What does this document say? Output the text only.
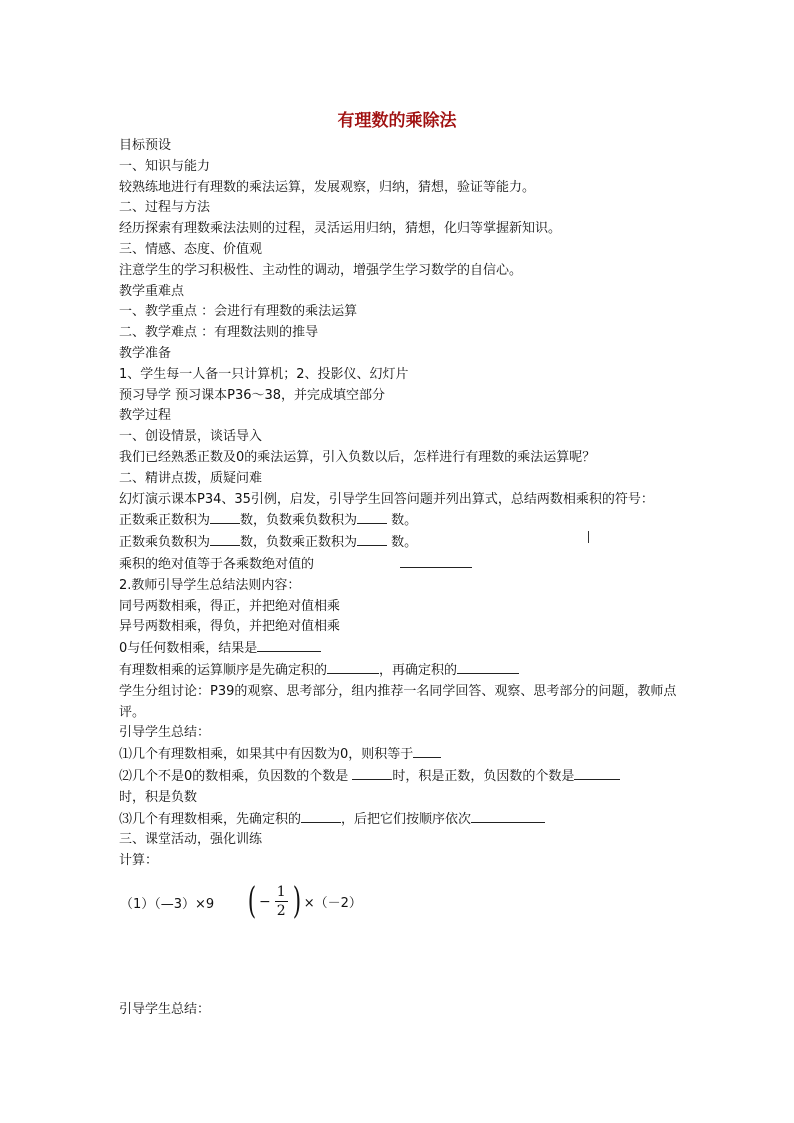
有理数的乘除法
目标预设
一、知识与能力
较熟练地进行有理数的乘法运算，发展观察，归纳，猜想，验证等能力。
二、过程与方法
经历探索有理数乘法法则的过程，灵活运用归纳，猜想，化归等掌握新知识。
三、情感、态度、价值观
注意学生的学习积极性、主动性的调动，增强学生学习数学的自信心。
教学重难点
一、教学重点 ：会进行有理数的乘法运算
二、教学难点 ：有理数法则的推导
教学准备
1、学生每一人备一只计算机；2、投影仪、幻灯片
预习导学 预习课本P36～38，并完成填空部分
教学过程
一、创设情景，谈话导入
我们已经熟悉正数及0的乘法运算，引入负数以后，怎样进行有理数的乘法运算呢？
二、精讲点拨，质疑问难
幻灯演示课本P34、35引例，启发，引导学生回答问题并列出算式，总结两数相乘积的符号：
正数乘正数积为 数，负数乘负数积为 数。
正数乘负数积为 数，负数乘正数积为 数。
乘积的绝对值等于各乘数绝对值的
2.教师引导学生总结法则内容：
同号两数相乘，得正，并把绝对值相乘
异号两数相乘，得负，并把绝对值相乘
0与任何数相乘，结果是
有理数相乘的运算顺序是先确定积的	，再确定积的
学生分组讨论：P39的观察、思考部分，组内推荐一名同学回答、观察、思考部分的问题，教师点评。
引导学生总结：
⑴几个有理数相乘，如果其中有因数为0，则积等于
⑵几个不是0的数相乘，负因数的个数是	时，积是正数，负因数的个数是
时，积是负数
⑶几个有理数相乘，先确定积的	，后把它们按顺序依次
三、课堂活动，强化训练
计算：
（1）（—3）×9 ( − $\frac{1}{2}$ ) ×（－2）
引导学生总结：
